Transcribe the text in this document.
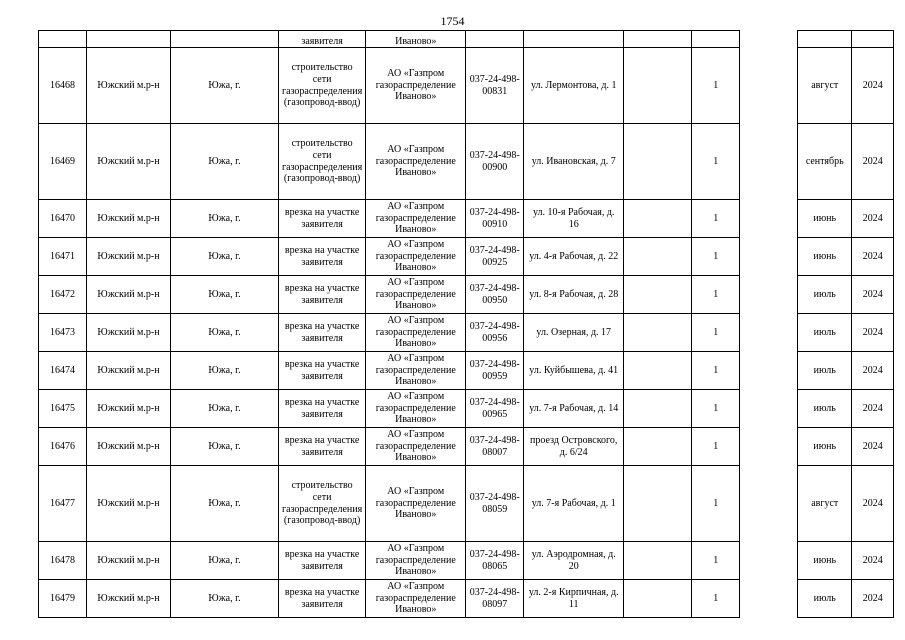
1754
			заявителя	Иваново»							
16468	Южский м.р-н	Южа, г.	строительство сети газораспределения (газопровод-ввод)	АО «Газпром газораспределение Иваново»	037-24-498-00831	ул. Лермонтова, д. 1		1		август	2024
16469	Южский м.р-н	Южа, г.	строительство сети газораспределения (газопровод-ввод)	АО «Газпром газораспределение Иваново»	037-24-498-00900	ул. Ивановская, д. 7		1		сентябрь	2024
16470	Южский м.р-н	Южа, г.	врезка на участке заявителя	АО «Газпром газораспределение Иваново»	037-24-498-00910	ул. 10-я Рабочая, д. 16		1		июнь	2024
16471	Южский м.р-н	Южа, г.	врезка на участке заявителя	АО «Газпром газораспределение Иваново»	037-24-498-00925	ул. 4-я Рабочая, д. 22		1		июнь	2024
16472	Южский м.р-н	Южа, г.	врезка на участке заявителя	АО «Газпром газораспределение Иваново»	037-24-498-00950	ул. 8-я Рабочая, д. 28		1		июль	2024
16473	Южский м.р-н	Южа, г.	врезка на участке заявителя	АО «Газпром газораспределение Иваново»	037-24-498-00956	ул. Озерная, д. 17		1		июль	2024
16474	Южский м.р-н	Южа, г.	врезка на участке заявителя	АО «Газпром газораспределение Иваново»	037-24-498-00959	ул. Куйбышева, д. 41		1		июль	2024
16475	Южский м.р-н	Южа, г.	врезка на участке заявителя	АО «Газпром газораспределение Иваново»	037-24-498-00965	ул. 7-я Рабочая, д. 14		1		июль	2024
16476	Южский м.р-н	Южа, г.	врезка на участке заявителя	АО «Газпром газораспределение Иваново»	037-24-498-08007	проезд Островского, д. 6/24		1		июнь	2024
16477	Южский м.р-н	Южа, г.	строительство сети газораспределения (газопровод-ввод)	АО «Газпром газораспределение Иваново»	037-24-498-08059	ул. 7-я Рабочая, д. 1		1		август	2024
16478	Южский м.р-н	Южа, г.	врезка на участке заявителя	АО «Газпром газораспределение Иваново»	037-24-498-08065	ул. Аэродромная, д. 20		1		июнь	2024
16479	Южский м.р-н	Южа, г.	врезка на участке заявителя	АО «Газпром газораспределение Иваново»	037-24-498-08097	ул. 2-я Кирпичная, д. 11		1		июль	2024
